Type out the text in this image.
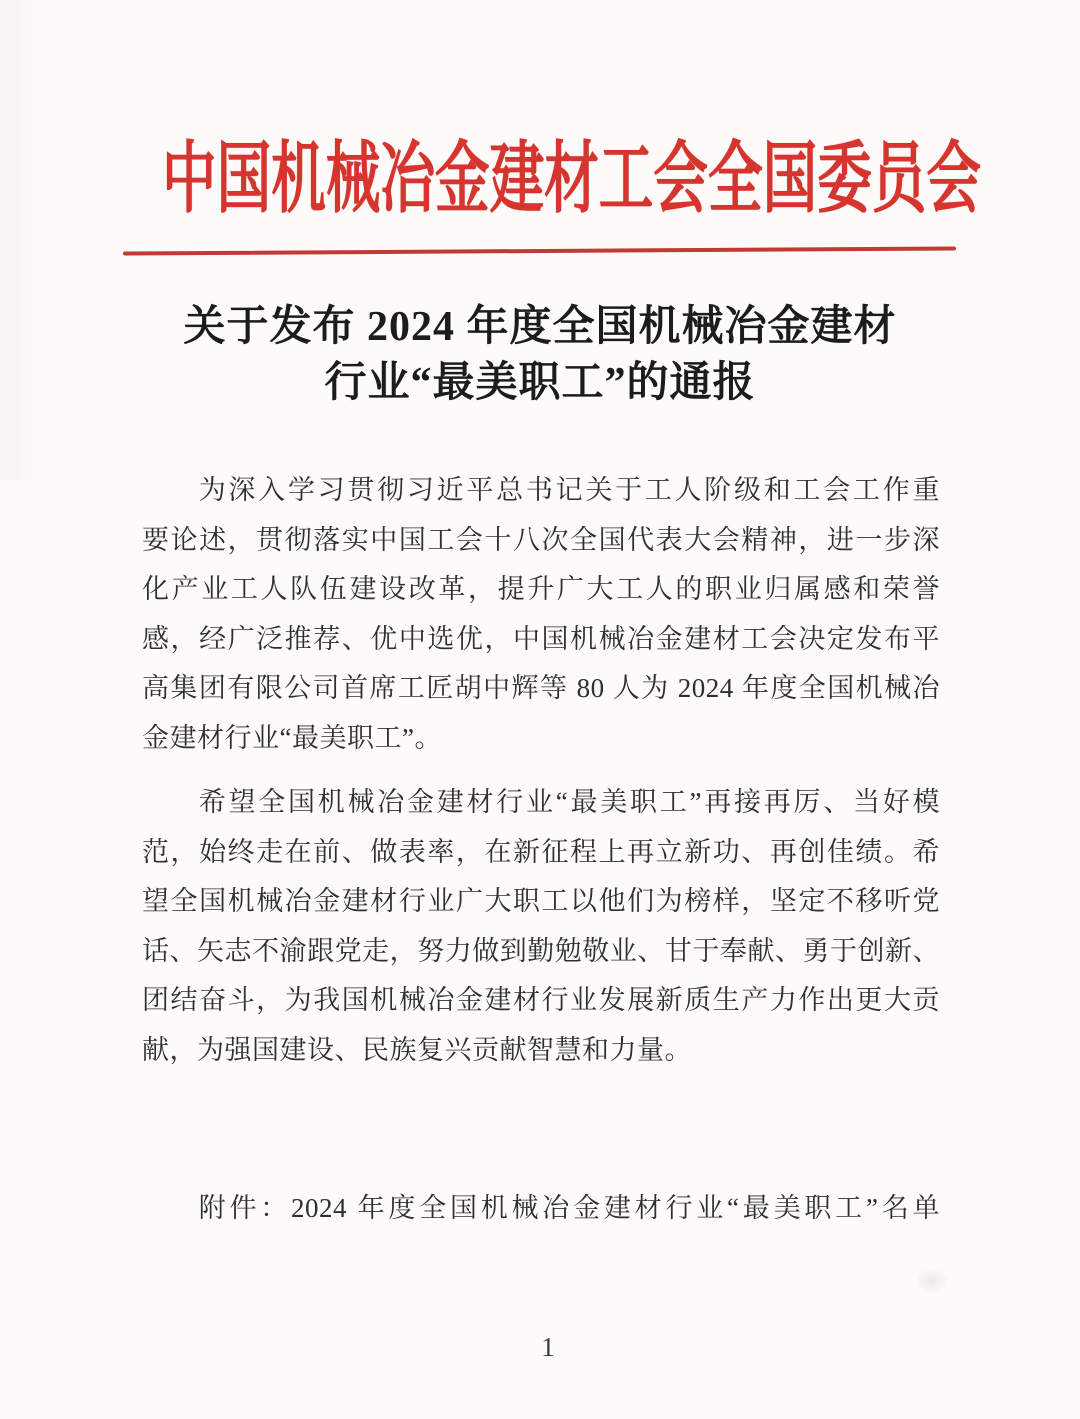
中国机械冶金建材工会全国委员会
关于发布 2024 年度全国机械冶金建材
行业“最美职工”的通报
为深入学习贯彻习近平总书记关于工人阶级和工会工作重
要论述，贯彻落实中国工会十八次全国代表大会精神，进一步深
化产业工人队伍建设改革，提升广大工人的职业归属感和荣誉
感，经广泛推荐、优中选优，中国机械冶金建材工会决定发布平
高集团有限公司首席工匠胡中辉等 80 人为 2024 年度全国机械冶
金建材行业“最美职工”。
希望全国机械冶金建材行业“最美职工”再接再厉、当好模
范，始终走在前、做表率，在新征程上再立新功、再创佳绩。希
望全国机械冶金建材行业广大职工以他们为榜样，坚定不移听党
话、矢志不渝跟党走，努力做到勤勉敬业、甘于奉献、勇于创新、
团结奋斗，为我国机械冶金建材行业发展新质生产力作出更大贡
献，为强国建设、民族复兴贡献智慧和力量。
附件：2024 年度全国机械冶金建材行业“最美职工”名单
1
